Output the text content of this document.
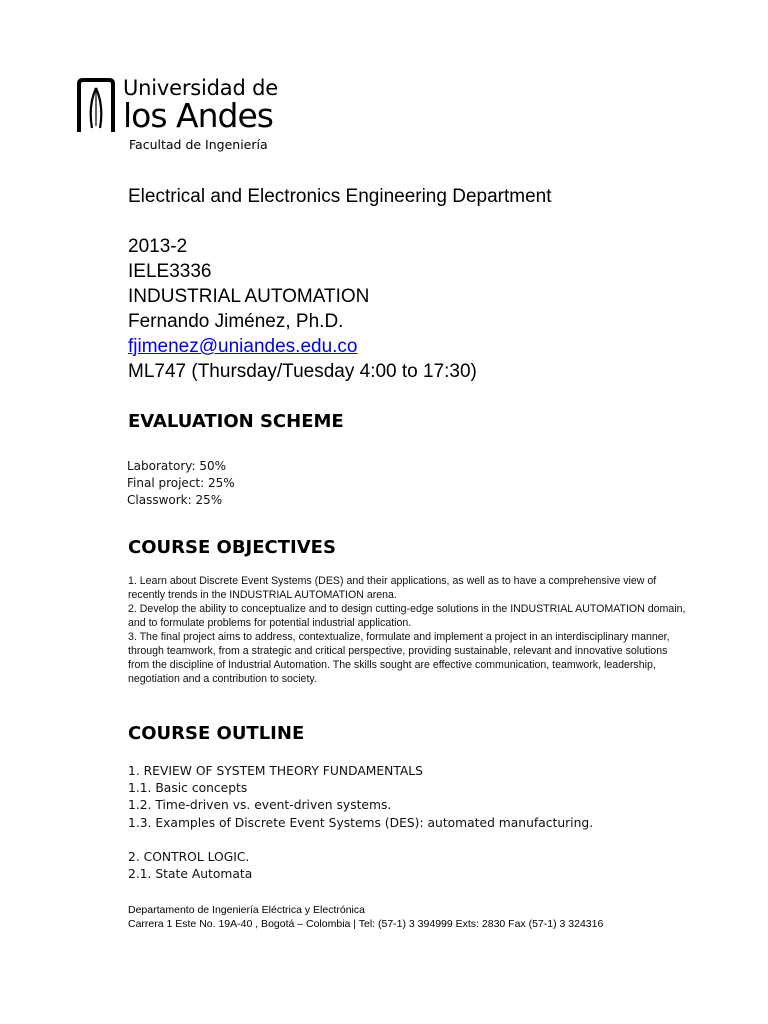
Universidad de
los Andes
Facultad de Ingeniería
Electrical and Electronics Engineering Department
2013-2
IELE3336
INDUSTRIAL AUTOMATION
Fernando Jiménez, Ph.D.
fjimenez@uniandes.edu.co
ML747 (Thursday/Tuesday 4:00 to 17:30)
EVALUATION SCHEME
Laboratory: 50%
Final project: 25%
Classwork: 25%
COURSE OBJECTIVES

1. Learn about Discrete Event Systems (DES) and their applications, as well as to have a comprehensive view of recently trends in the INDUSTRIAL AUTOMATION arena.

2. Develop the ability to conceptualize and to design cutting-edge solutions in the INDUSTRIAL AUTOMATION domain, and to formulate problems for potential industrial application.

3. The final project aims to address, contextualize, formulate and implement a project in an interdisciplinary manner, through teamwork, from a strategic and critical perspective, providing sustainable, relevant and innovative solutions from the discipline of Industrial Automation. The skills sought are effective communication, teamwork, leadership, negotiation and a contribution to society.

COURSE OUTLINE
1. REVIEW OF SYSTEM THEORY FUNDAMENTALS
1.1. Basic concepts
1.2. Time-driven vs. event-driven systems.
1.3. Examples of Discrete Event Systems (DES): automated manufacturing.
2. CONTROL LOGIC.
2.1. State Automata
Departamento de Ingeniería Eléctrica y Electrónica
Carrera 1 Este No. 19A-40 , Bogotá – Colombia | Tel: (57-1) 3 394999 Exts: 2830 Fax (57-1) 3 324316
